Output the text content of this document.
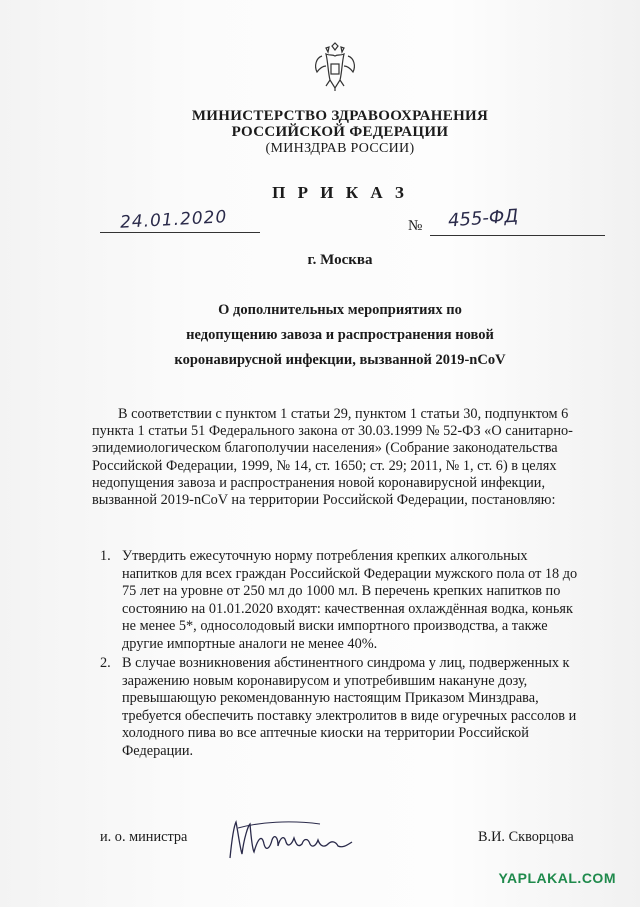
МИНИСТЕРСТВО ЗДРАВООХРАНЕНИЯ
РОССИЙСКОЙ ФЕДЕРАЦИИ
(МИНЗДРАВ РОССИИ)
П Р И К А З
24.01.2020	№ 455-ФД
г. Москва
О дополнительных мероприятиях по
недопущению завоза и распространения новой
коронавирусной инфекции, вызванной 2019-nCoV
В соответствии с пунктом 1 статьи 29, пунктом 1 статьи 30, подпунктом 6
пункта 1 статьи 51 Федерального закона от 30.03.1999 № 52-ФЗ «О санитарно-
эпидемиологическом благополучии населения» (Собрание законодательства
Российской Федерации, 1999, № 14, ст. 1650; ст. 29; 2011, № 1, ст. 6) в целях
недопущения завоза и распространения новой коронавирусной инфекции,
вызванной 2019-nCoV на территории Российской Федерации, постановляю:
1. Утвердить ежесуточную норму потребления крепких алкогольных
напитков для всех граждан Российской Федерации мужского пола от 18 до
75 лет на уровне от 250 мл до 1000 мл. В перечень крепких напитков по
состоянию на 01.01.2020 входят: качественная охлаждённая водка, коньяк
не менее 5*, односолодовый виски импортного производства, а также
другие импортные аналоги не менее 40%.
2. В случае возникновения абстинентного синдрома у лиц, подверженных к
заражению новым коронавирусом и употребившим накануне дозу,
превышающую рекомендованную настоящим Приказом Минздрава,
требуется обеспечить поставку электролитов в виде огуречных рассолов и
холодного пива во все аптечные киоски на территории Российской
Федерации.
и. о. министра	В.И. Скворцова
YAPLAKAL.COM
